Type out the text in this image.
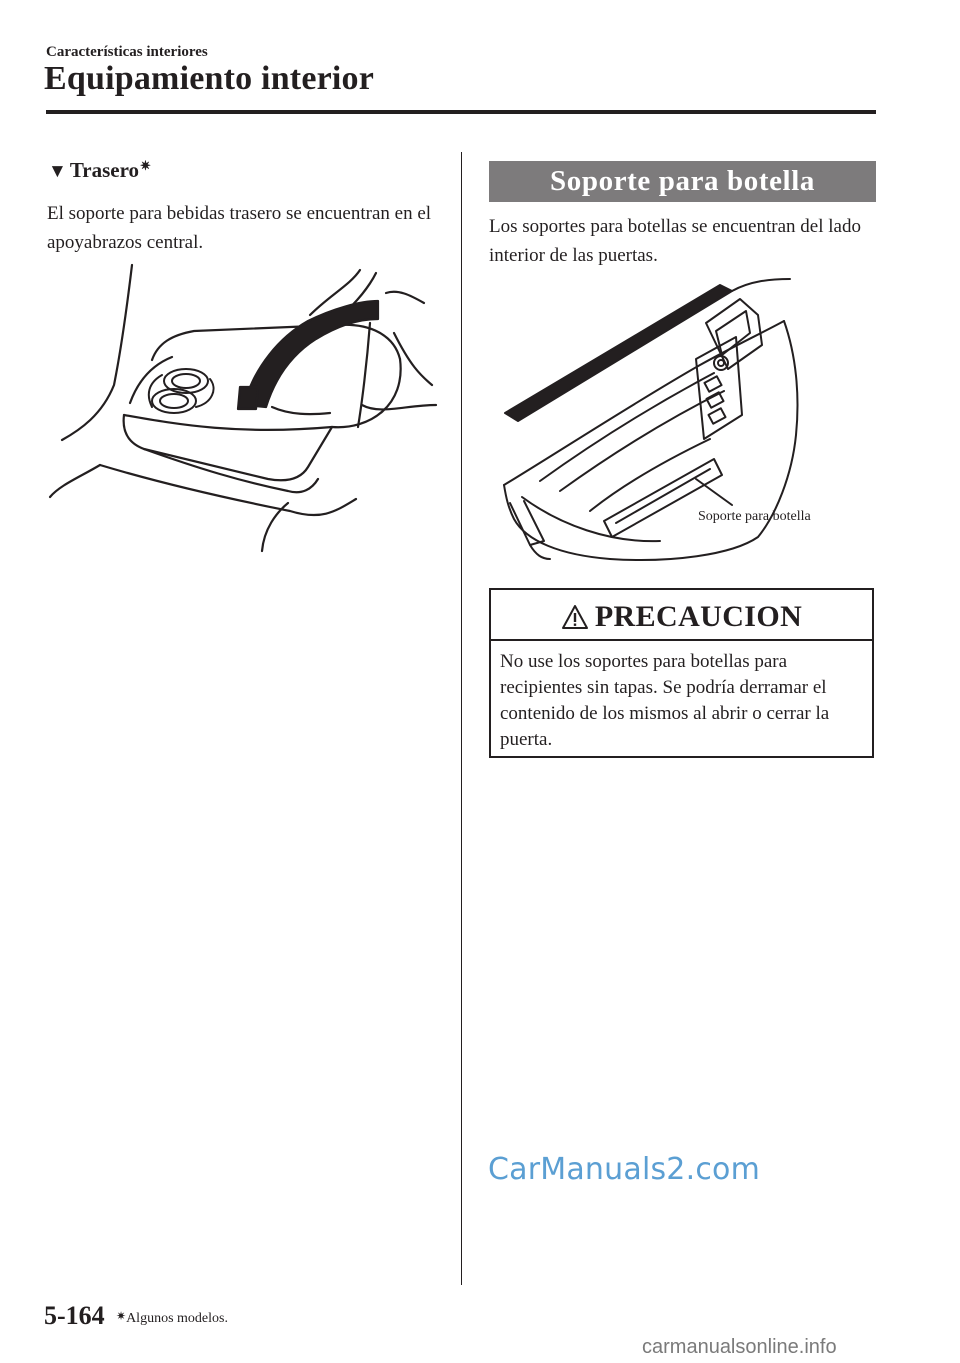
Características interiores
Equipamiento interior
▼ Trasero ✷
El soporte para bebidas trasero se encuentran en el apoyabrazos central.
Soporte para botella
Los soportes para botellas se encuentran del lado interior de las puertas.
Soporte para botella
PRECAUCION
No use los soportes para botellas para recipientes sin tapas. Se podría derramar el contenido de los mismos al abrir o cerrar la puerta.
CarManuals2.com
5-164 ✷Algunos modelos.
carmanualsonline.info
